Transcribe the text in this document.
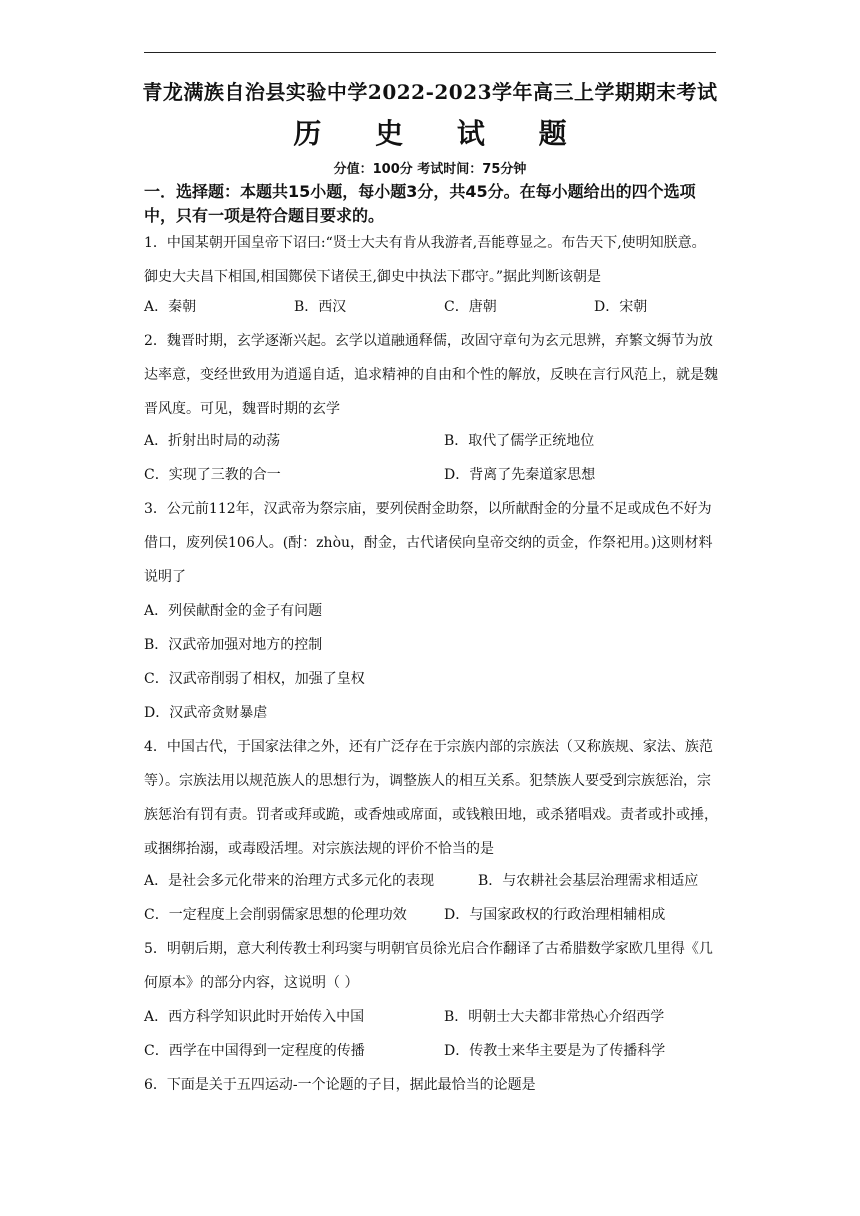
青龙满族自治县实验中学2022-2023学年高三上学期期末考试
历 史 试 题
分值：100分 考试时间：75分钟
一．选择题：本题共15小题，每小题3分，共45分。在每小题给出的四个选项中，只有一项是符合题目要求的。
1．中国某朝开国皇帝下诏曰:“贤士大夫有肯从我游者,吾能尊显之。布告天下,使明知朕意。御史大夫昌下相国,相国酂侯下诸侯王,御史中执法下郡守。”据此判断该朝是
A．秦朝	B．西汉	C．唐朝	D．宋朝
2．魏晋时期，玄学逐渐兴起。玄学以道融通释儒，改固守章句为玄元思辨，弃繁文缛节为放达率意，变经世致用为逍遥自适，追求精神的自由和个性的解放，反映在言行风范上，就是魏晋风度。可见，魏晋时期的玄学
A．折射出时局的动荡	B．取代了儒学正统地位
C．实现了三教的合一	D．背离了先秦道家思想
3．公元前112年，汉武帝为祭宗庙，要列侯酎金助祭，以所献酎金的分量不足或成色不好为借口，废列侯106人。(酎：zhòu，酎金，古代诸侯向皇帝交纳的贡金，作祭祀用。)这则材料说明了
A．列侯献酎金的金子有问题
B．汉武帝加强对地方的控制
C．汉武帝削弱了相权，加强了皇权
D．汉武帝贪财暴虐
4．中国古代，于国家法律之外，还有广泛存在于宗族内部的宗族法（又称族规、家法、族范等）。宗族法用以规范族人的思想行为，调整族人的相互关系。犯禁族人要受到宗族惩治，宗族惩治有罚有责。罚者或拜或跪，或香烛或席面，或钱粮田地，或杀猪唱戏。责者或扑或捶，或捆绑抬溺，或毒殴活埋。对宗族法规的评价不恰当的是
A．是社会多元化带来的治理方式多元化的表现	B．与农耕社会基层治理需求相适应
C．一定程度上会削弱儒家思想的伦理功效	D．与国家政权的行政治理相辅相成
5．明朝后期，意大利传教士利玛窦与明朝官员徐光启合作翻译了古希腊数学家欧几里得《几何原本》的部分内容，这说明（ ）
A．西方科学知识此时开始传入中国	B．明朝士大夫都非常热心介绍西学
C．西学在中国得到一定程度的传播	D．传教士来华主要是为了传播科学
6．下面是关于五四运动-一个论题的子目，据此最恰当的论题是
